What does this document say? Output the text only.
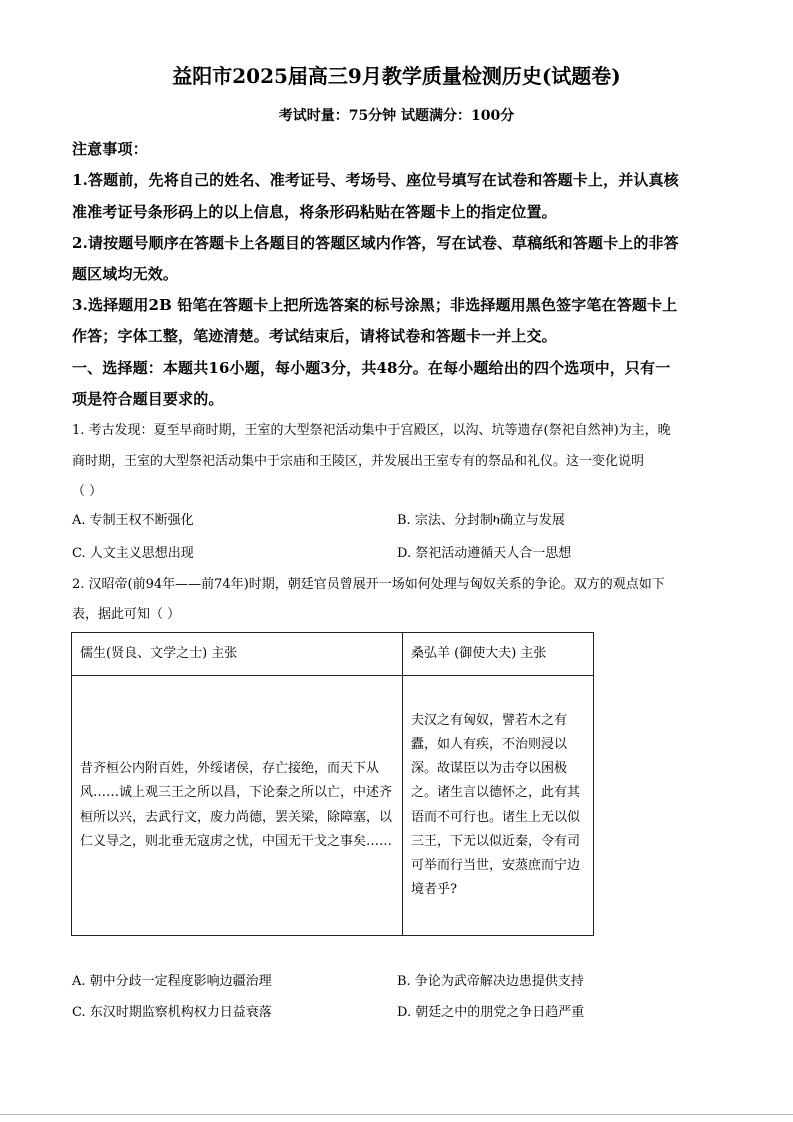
益阳市2025届高三9月教学质量检测历史(试题卷)
考试时量：75分钟 试题满分：100分
注意事项：
1.答题前，先将自己的姓名、准考证号、考场号、座位号填写在试卷和答题卡上，并认真核
准准考证号条形码上的以上信息，将条形码粘贴在答题卡上的指定位置。
2.请按题号顺序在答题卡上各题目的答题区域内作答，写在试卷、草稿纸和答题卡上的非答
题区域均无效。
3.选择题用2B 铅笔在答题卡上把所选答案的标号涂黑；非选择题用黑色签字笔在答题卡上
作答；字体工整，笔迹清楚。考试结束后，请将试卷和答题卡一并上交。
一、选择题：本题共16小题，每小题3分，共48分。在每小题给出的四个选项中，只有一
项是符合题目要求的。
1. 考古发现：夏至早商时期，王室的大型祭祀活动集中于宫殿区，以沟、坑等遗存(祭祀自然神)为主，晚
商时期，王室的大型祭祀活动集中于宗庙和王陵区，并发展出王室专有的祭品和礼仪。这一变化说明
（ ）
A. 专制王权不断强化	B. 宗法、分封制ካ确立与发展
C. 人文主义思想出现	D. 祭祀活动遵循天人合一思想
2. 汉昭帝(前94年——前74年)时期，朝廷官员曾展开一场如何处理与匈奴关系的争论。双方的观点如下
表，据此可知（ ）
儒生(贤良、文学之士) 主张	桑弘羊 (御使大夫) 主张

昔齐桓公内附百姓，外绥诸侯，存亡接绝，而天下从风……诚上观三王之所以昌，下论秦之所以亡，中述齐桓所以兴，去武行文，废力尚德，罢关梁，除障塞，以仁义导之，则北垂无寇虏之忧，中国无干戈之事矣……	夫汉之有匈奴，譬若木之有蠹，如人有疾，不治则浸以深。故谋臣以为击夺以困极之。诸生言以德怀之，此有其语而不可行也。诸生上无以似三王，下无以似近秦，令有司可举而行当世，安蒸庶而宁边境者乎?
A. 朝中分歧一定程度影响边疆治理	B. 争论为武帝解决边患提供支持
C. 东汉时期监察机构权力日益衰落	D. 朝廷之中的朋党之争日趋严重
